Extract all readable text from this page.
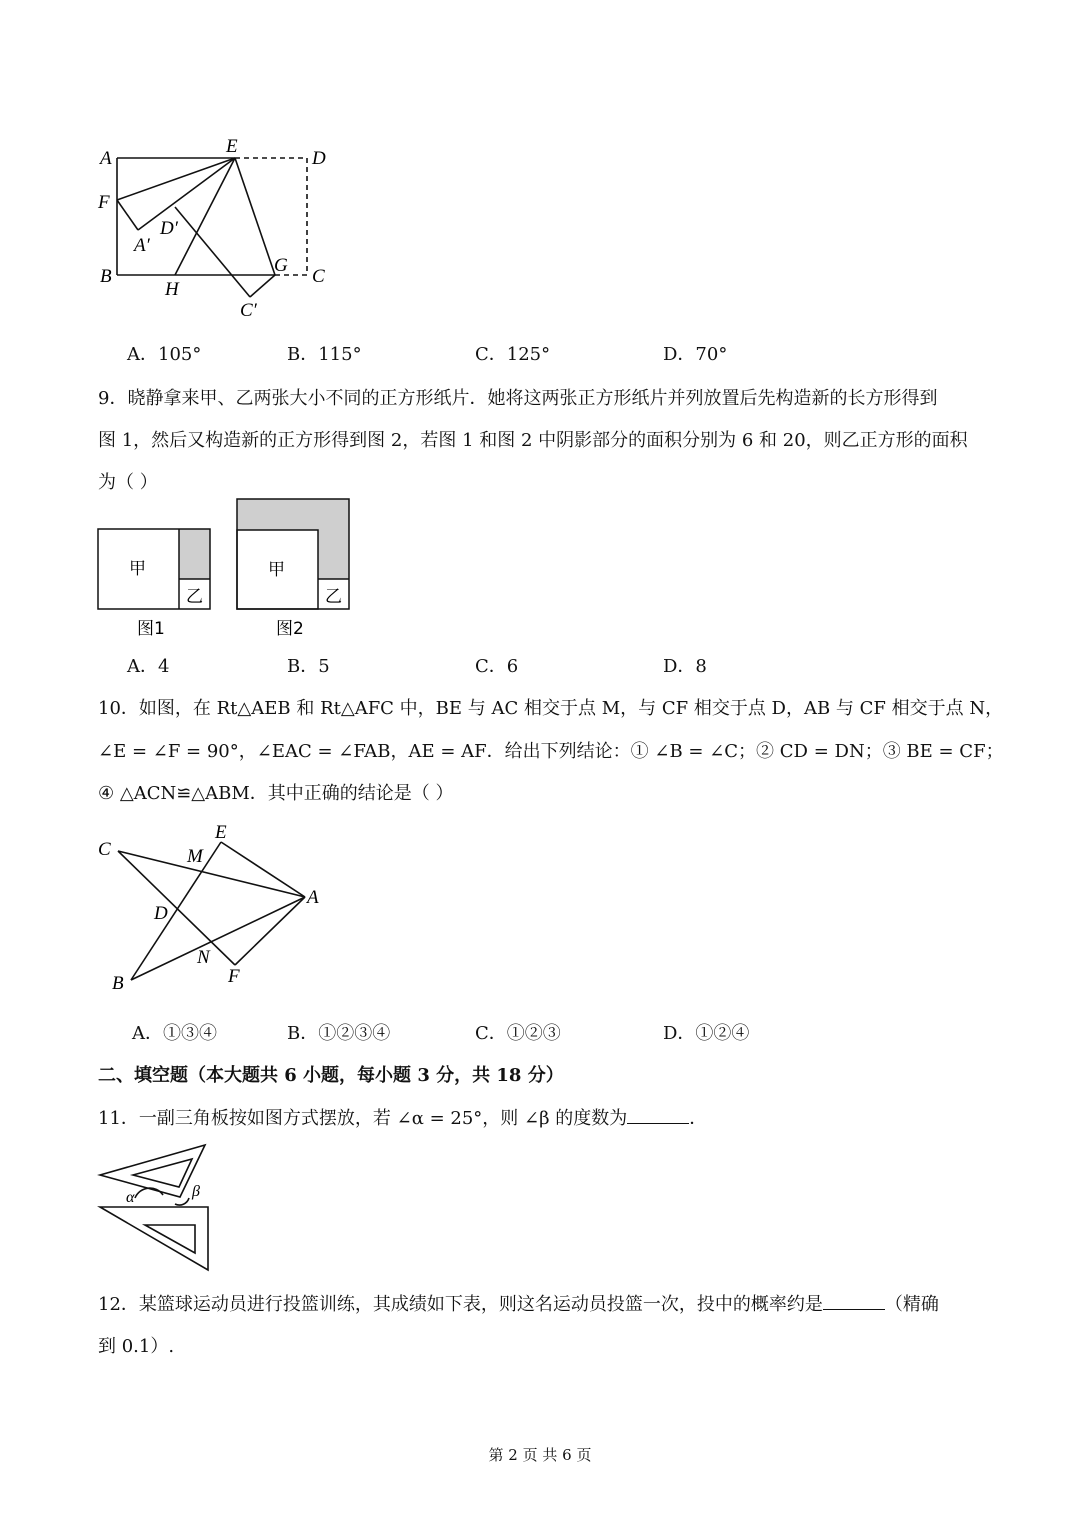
A
E
D
F
D′
A′
B
H
G
C
C′
A．105°	B．115°	C．125°	D．70°
9．晓静拿来甲、乙两张大小不同的正方形纸片．她将这两张正方形纸片并列放置后先构造新的长方形得到
图 1，然后又构造新的正方形得到图 2，若图 1 和图 2 中阴影部分的面积分别为 6 和 20，则乙正方形的面积
为（ ）
甲
乙
图1
甲
乙
图2
A．4	B．5	C．6	D．8
10．如图，在 Rt△AEB 和 Rt△AFC 中，BE 与 AC 相交于点 M，与 CF 相交于点 D，AB 与 CF 相交于点 N，
∠E = ∠F = 90°，∠EAC = ∠FAB，AE = AF．给出下列结论：① ∠B = ∠C；② CD = DN；③ BE = CF；
④ △ACN≌△ABM．其中正确的结论是（ ）
C
E
M
A
D
N
B	F
A．①③④	B．①②③④	C．①②③	D．①②④
二、填空题（本大题共 6 小题，每小题 3 分，共 18 分）
11．一副三角板按如图方式摆放，若 ∠α = 25°，则 ∠β 的度数为	．
α	β
12．某篮球运动员进行投篮训练，其成绩如下表，则这名运动员投篮一次，投中的概率约是	（精确
到 0.1）.
第 2 页 共 6 页
